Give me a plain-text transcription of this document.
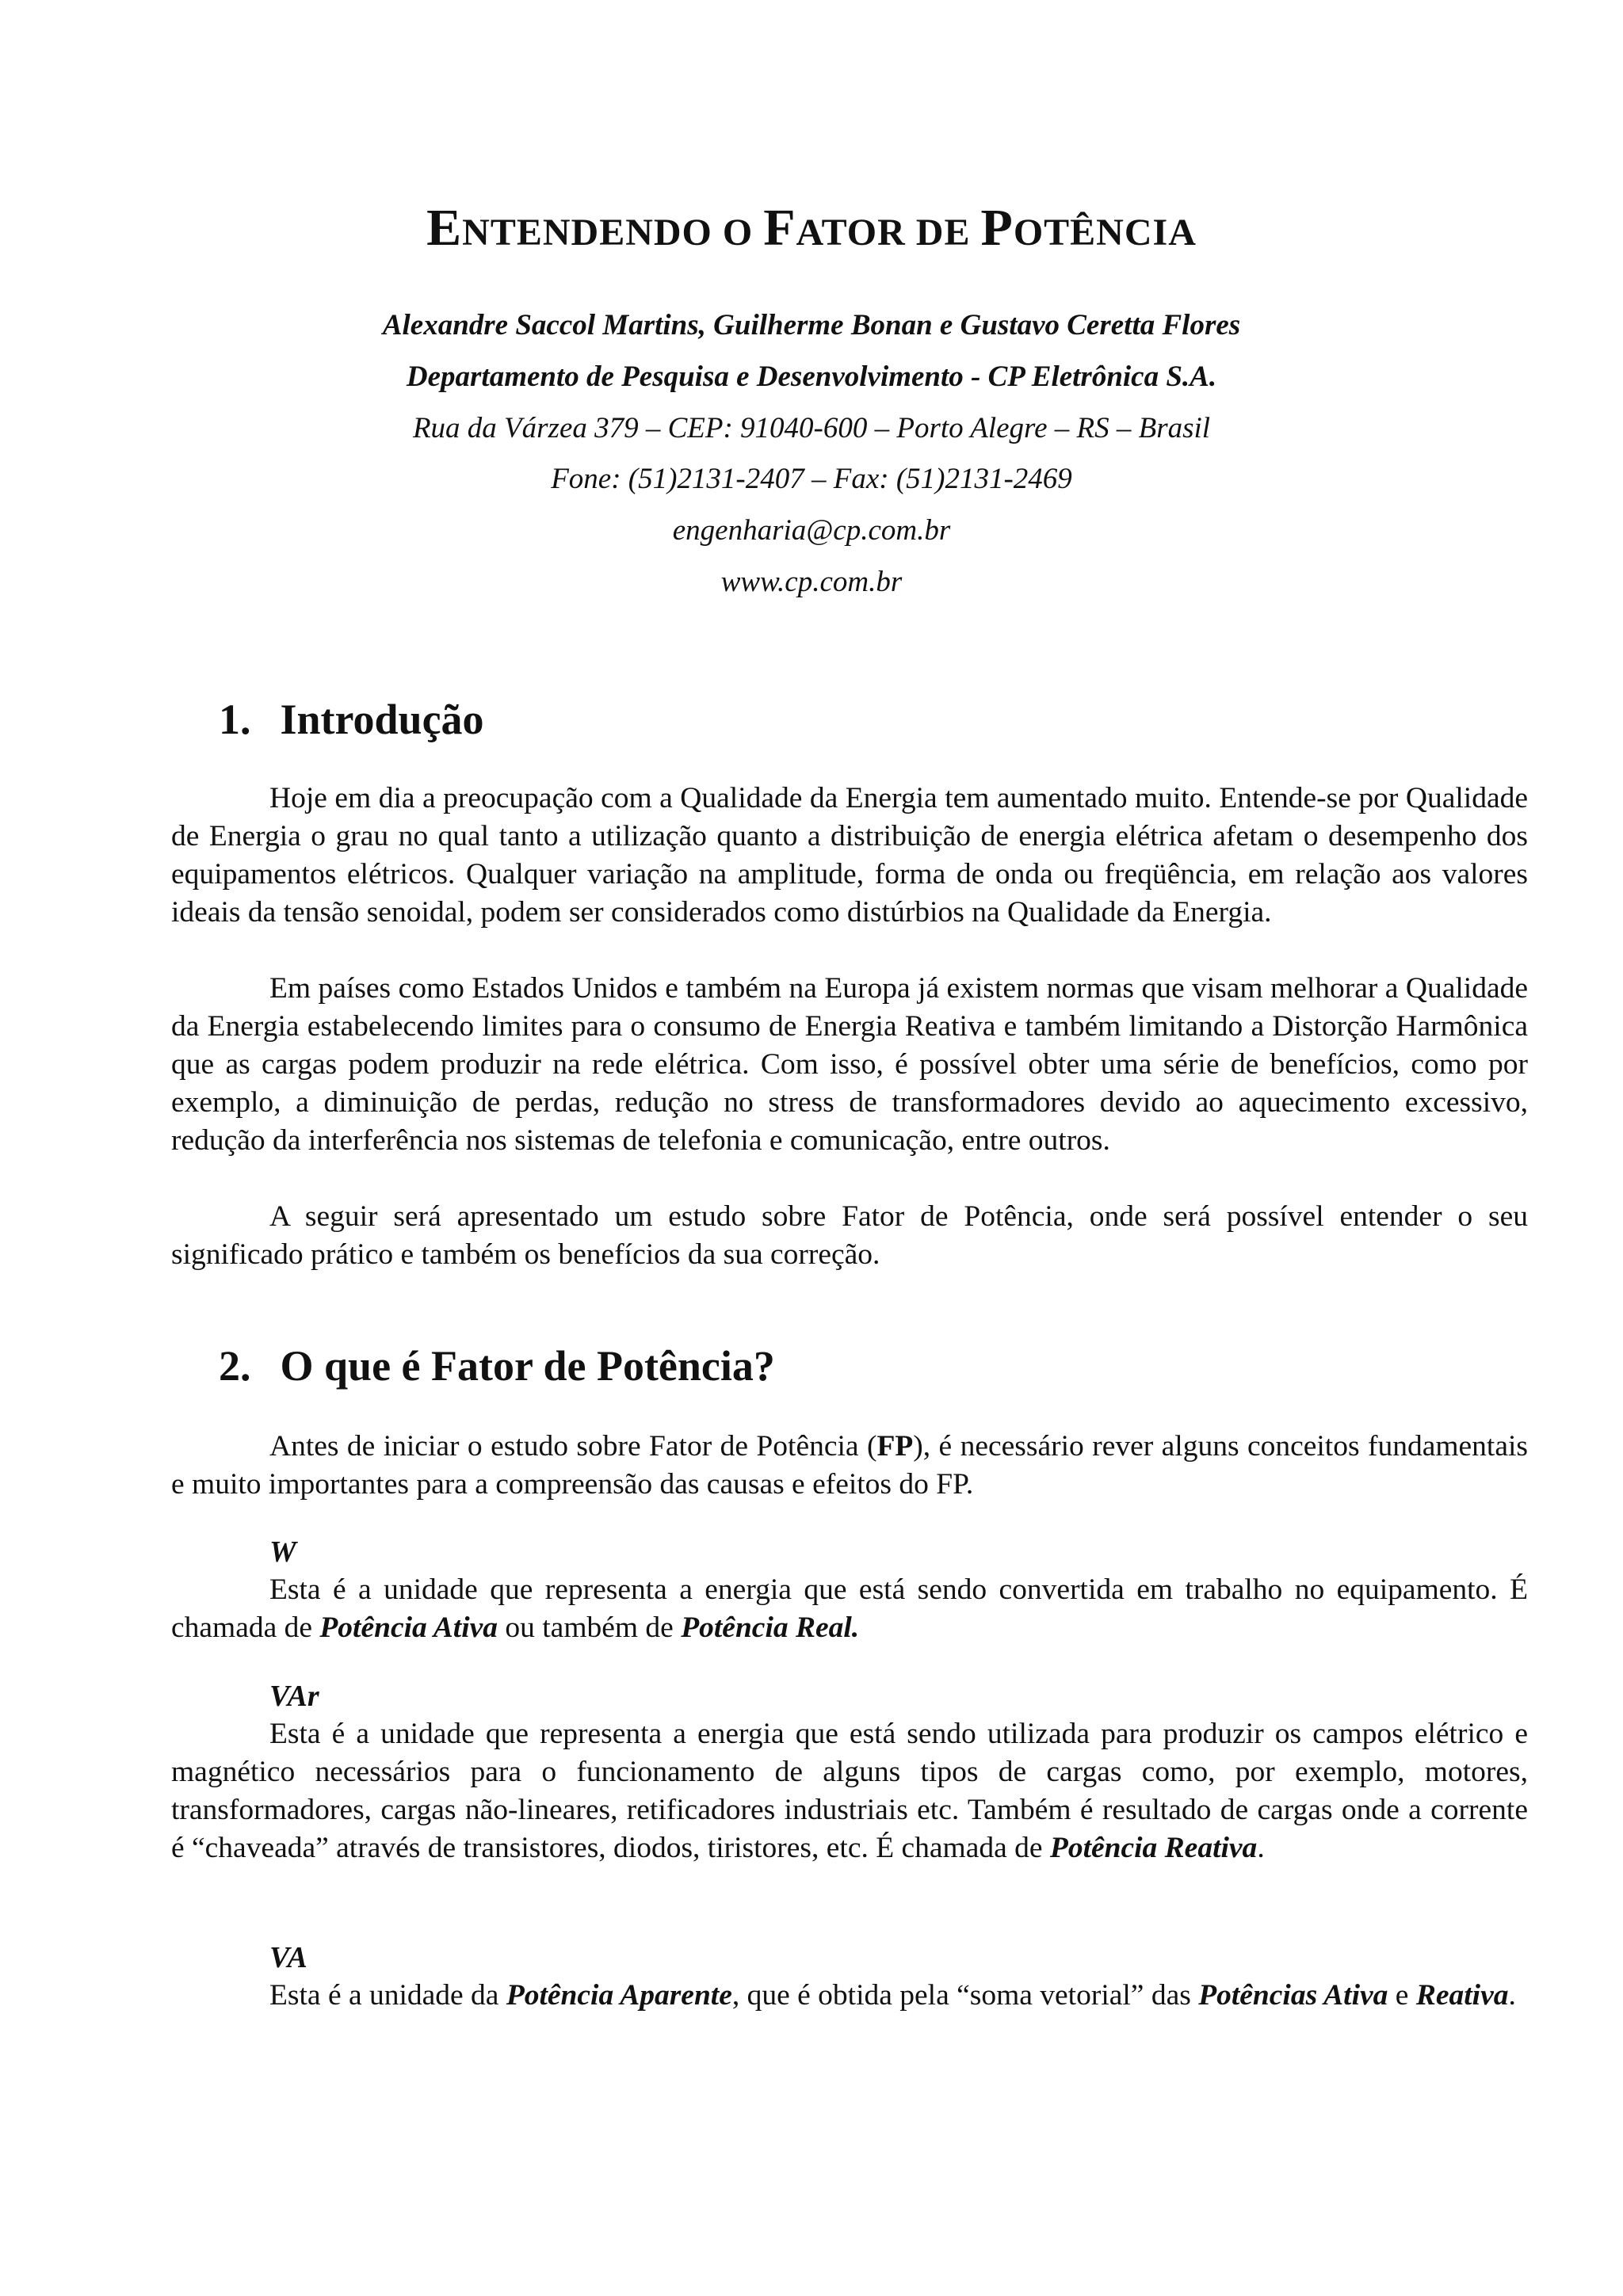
ENTENDENDO O FATOR DE POTÊNCIA
Alexandre Saccol Martins, Guilherme Bonan e Gustavo Ceretta Flores
Departamento de Pesquisa e Desenvolvimento - CP Eletrônica S.A.
Rua da Várzea 379 – CEP: 91040-600 – Porto Alegre – RS – Brasil
Fone: (51)2131-2407 – Fax: (51)2131-2469
engenharia@cp.com.br
www.cp.com.br
1. Introdução

Hoje em dia a preocupação com a Qualidade da Energia tem aumentado muito. Entende-se por Qualidade de Energia o grau no qual tanto a utilização quanto a distribuição de energia elétrica afetam o desempenho dos equipamentos elétricos. Qualquer variação na amplitude, forma de onda ou freqüência, em relação aos valores ideais da tensão senoidal, podem ser considerados como distúrbios na Qualidade da Energia.

Em países como Estados Unidos e também na Europa já existem normas que visam melhorar a Qualidade da Energia estabelecendo limites para o consumo de Energia Reativa e também limitando a Distorção Harmônica que as cargas podem produzir na rede elétrica. Com isso, é possível obter uma série de benefícios, como por exemplo, a diminuição de perdas, redução no stress de transformadores devido ao aquecimento excessivo, redução da interferência nos sistemas de telefonia e comunicação, entre outros.

A seguir será apresentado um estudo sobre Fator de Potência, onde será possível entender o seu significado prático e também os benefícios da sua correção.

2. O que é Fator de Potência?

Antes de iniciar o estudo sobre Fator de Potência (FP), é necessário rever alguns conceitos fundamentais e muito importantes para a compreensão das causas e efeitos do FP.

W

Esta é a unidade que representa a energia que está sendo convertida em trabalho no equipamento. É chamada de Potência Ativa ou também de Potência Real.

VAr

Esta é a unidade que representa a energia que está sendo utilizada para produzir os campos elétrico e magnético necessários para o funcionamento de alguns tipos de cargas como, por exemplo, motores, transformadores, cargas não-lineares, retificadores industriais etc. Também é resultado de cargas onde a corrente é “chaveada” através de transistores, diodos, tiristores, etc. É chamada de Potência Reativa.

VA

Esta é a unidade da Potência Aparente, que é obtida pela “soma vetorial” das Potências Ativa e Reativa.
